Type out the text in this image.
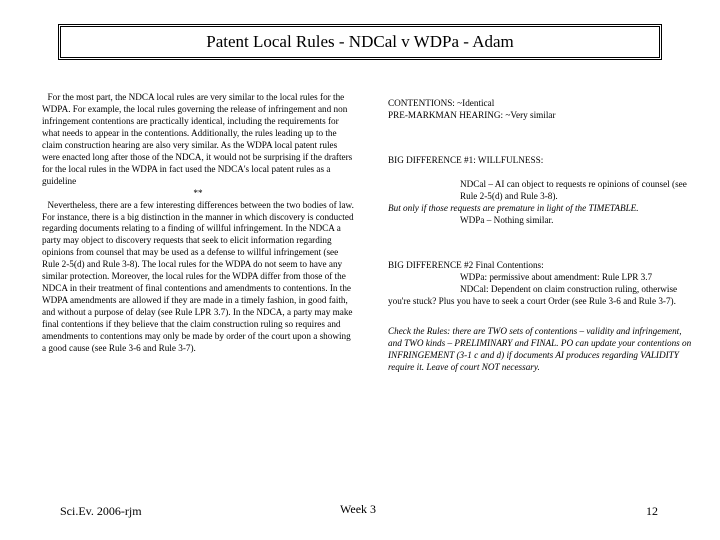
Patent Local Rules - NDCal v WDPa - Adam

For the most part, the NDCA local rules are very similar to the local rules for the WDPA. For example, the local rules governing the release of infringement and non infringement contentions are practically identical, including the requirements for what needs to appear in the contentions. Additionally, the rules leading up to the claim construction hearing are also very similar. As the WDPA local patent rules were enacted long after those of the NDCA, it would not be surprising if the drafters for the local rules in the WDPA in fact used the NDCA's local patent rules as a guideline

**

Nevertheless, there are a few interesting differences between the two bodies of law. For instance, there is a big distinction in the manner in which discovery is conducted regarding documents relating to a finding of willful infringement. In the NDCA a party may object to discovery requests that seek to elicit information regarding opinions from counsel that may be used as a defense to willful infringement (see Rule 2-5(d) and Rule 3-8). The local rules for the WDPA do not seem to have any similar protection. Moreover, the local rules for the WDPA differ from those of the NDCA in their treatment of final contentions and amendments to contentions. In the WDPA amendments are allowed if they are made in a timely fashion, in good faith, and without a purpose of delay (see Rule LPR 3.7). In the NDCA, a party may make final contentions if they believe that the claim construction ruling so requires and amendments to contentions may only be made by order of the court upon a showing a good cause (see Rule 3-6 and Rule 3-7).

CONTENTIONS: ~Identical

PRE-MARKMAN HEARING: ~Very similar

BIG DIFFERENCE #1: WILLFULNESS:

NDCal – AI can object to requests re opinions of counsel (see Rule 2-5(d) and Rule 3-8).

But only if those requests are premature in light of the TIMETABLE.

WDPa – Nothing similar.

BIG DIFFERENCE #2 Final Contentions:

WDPa: permissive about amendment: Rule LPR 3.7

NDCal: Dependent on claim construction ruling, otherwise you're stuck? Plus you have to seek a court Order (see Rule 3-6 and Rule 3-7).

Check the Rules: there are TWO sets of contentions – validity and infringement, and TWO kinds – PRELIMINARY and FINAL. PO can update your contentions on INFRINGEMENT (3-1 c and d) if documents AI produces regarding VALIDITY require it. Leave of court NOT necessary.

Sci.Ev. 2006-rjm	Week 3	12
